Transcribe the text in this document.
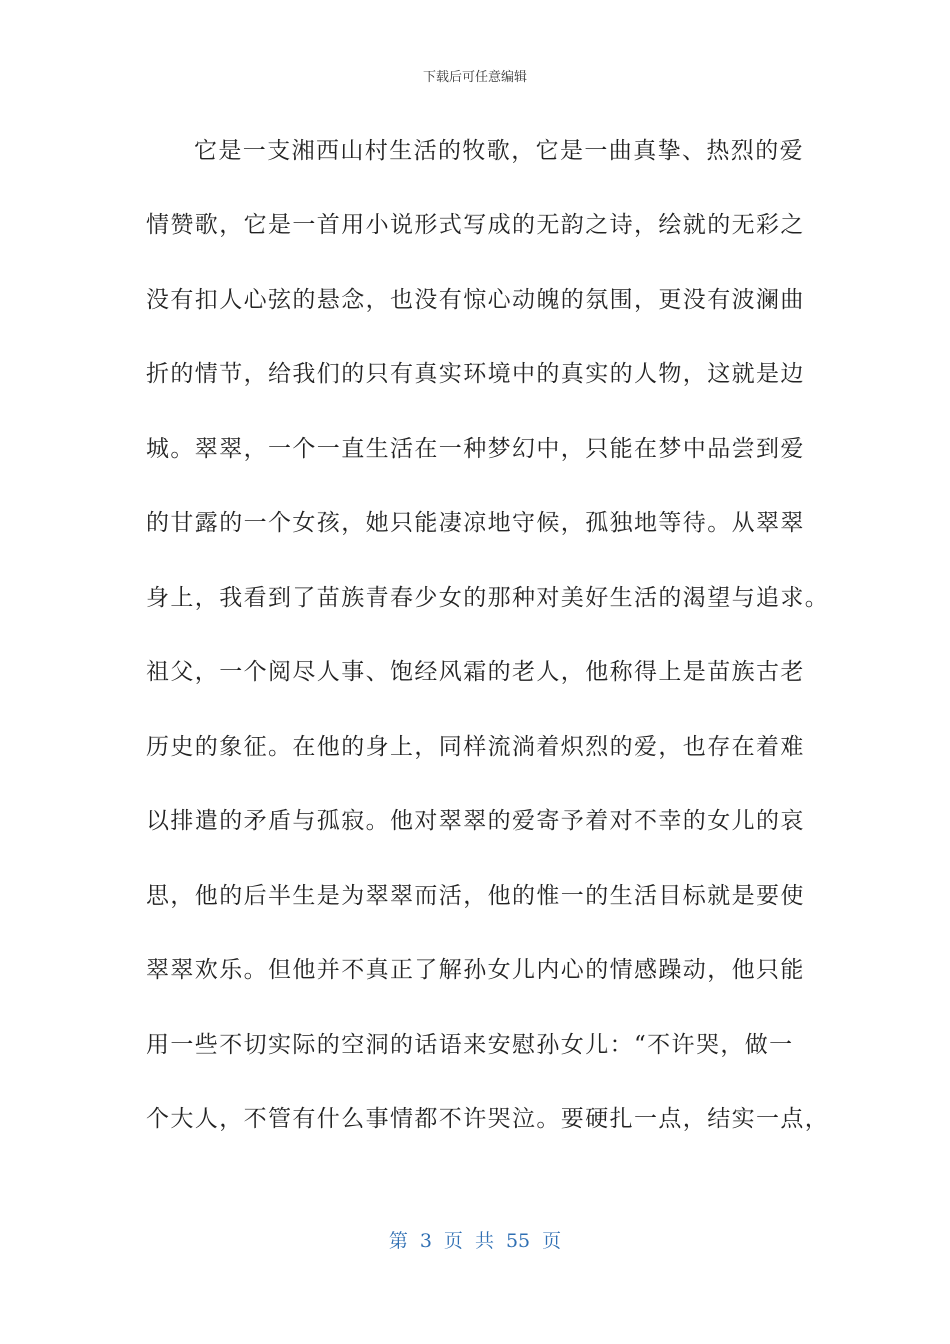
下载后可任意编辑
它是一支湘西山村生活的牧歌，它是一曲真挚、热烈的爱
情赞歌，它是一首用小说形式写成的无韵之诗，绘就的无彩之
没有扣人心弦的悬念，也没有惊心动魄的氛围，更没有波澜曲
折的情节，给我们的只有真实环境中的真实的人物，这就是边
城。翠翠，一个一直生活在一种梦幻中，只能在梦中品尝到爱
的甘露的一个女孩，她只能凄凉地守候，孤独地等待。从翠翠
身上，我看到了苗族青春少女的那种对美好生活的渴望与追求。
祖父，一个阅尽人事、饱经风霜的老人，他称得上是苗族古老
历史的象征。在他的身上，同样流淌着炽烈的爱，也存在着难
以排遣的矛盾与孤寂。他对翠翠的爱寄予着对不幸的女儿的哀
思，他的后半生是为翠翠而活，他的惟一的生活目标就是要使
翠翠欢乐。但他并不真正了解孙女儿内心的情感躁动，他只能
用一些不切实际的空洞的话语来安慰孙女儿：“不许哭，做一
个大人，不管有什么事情都不许哭泣。要硬扎一点，结实一点，
第 3 页 共 55 页
